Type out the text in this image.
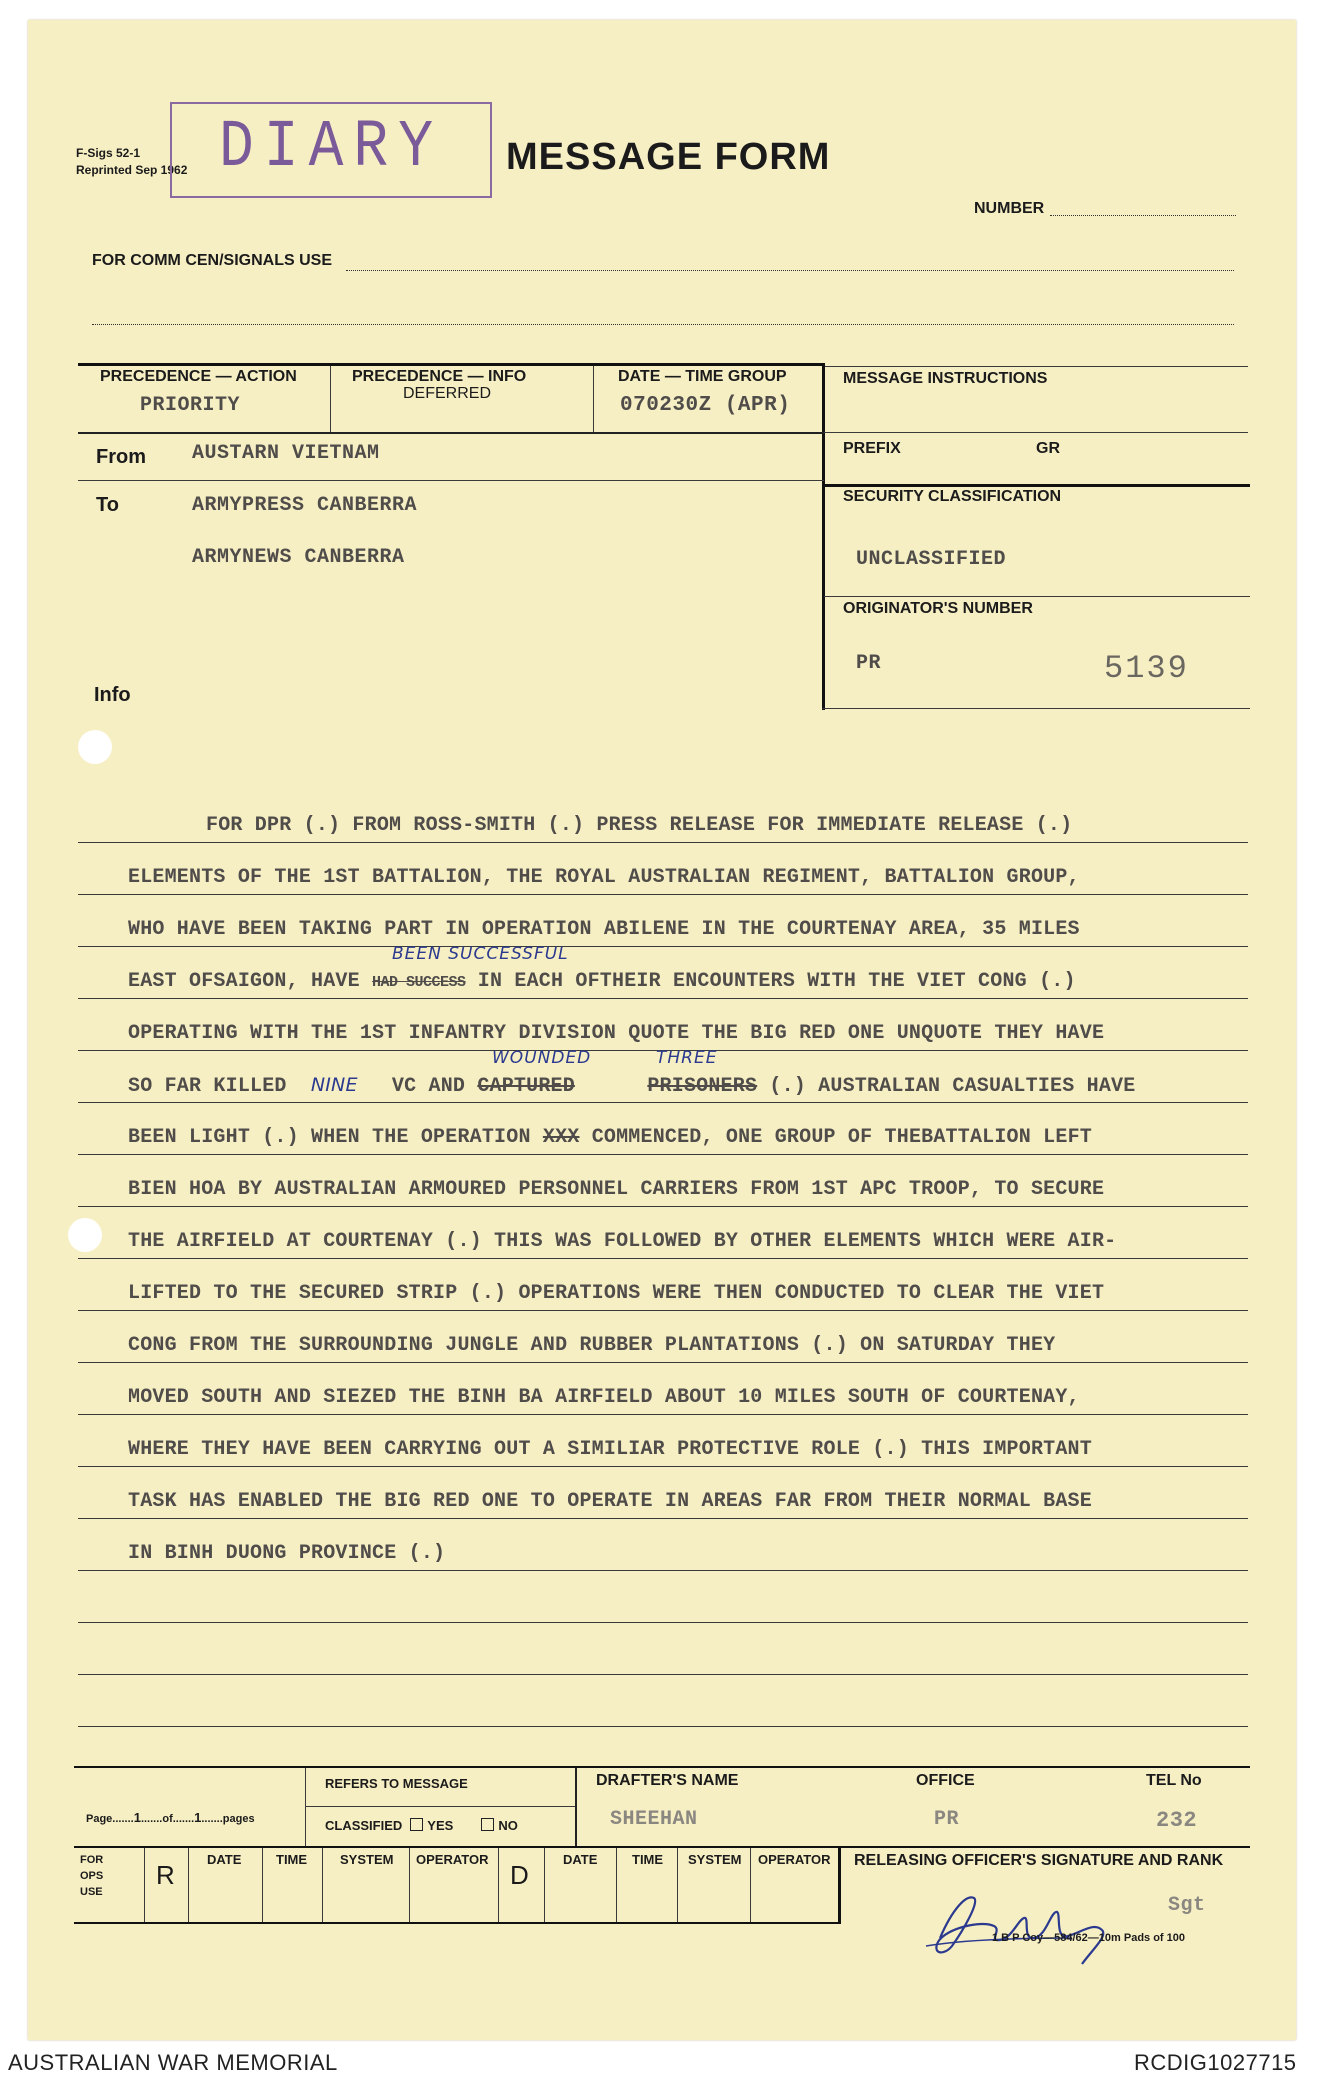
F-Sigs 52-1
Reprinted Sep 1962 DIARY	MESSAGE FORM
NUMBER
FOR COMM CEN/SIGNALS USE
PRECEDENCE — ACTION
PRIORITY
PRECEDENCE — INFO
DEFERRED
DATE — TIME GROUP
070230Z (APR)
MESSAGE INSTRUCTIONS
PREFIX	GR
From AUSTARN VIETNAM
To	ARMYPRESS CANBERRA
ARMYNEWS CANBERRA
Info
SECURITY CLASSIFICATION
UNCLASSIFIED
ORIGINATOR'S NUMBER
PR	5139
FOR DPR (.) FROM ROSS-SMITH (.) PRESS RELEASE FOR IMMEDIATE RELEASE (.)
ELEMENTS OF THE 1ST BATTALION, THE ROYAL AUSTRALIAN REGIMENT, BATTALION GROUP,
WHO HAVE BEEN TAKING PART IN OPERATION ABILENE IN THE COURTENAY AREA, 35 MILES
EAST OFSAIGON, HAVE HAD SUCCESS IN EACH OFTHEIR ENCOUNTERS WITH THE VIET CONG (.)
BEEN SUCCESSFUL
OPERATING WITH THE 1ST INFANTRY DIVISION QUOTE THE BIG RED ONE UNQUOTE THEY HAVE
SO FAR KILLED NINE VC AND CAPTURED	PRISONERS (.) AUSTRALIAN CASUALTIES HAVE
WOUNDED	THREE
BEEN LIGHT (.) WHEN THE OPERATION XXX COMMENCED, ONE GROUP OF THEBATTALION LEFT
BIEN HOA BY AUSTRALIAN ARMOURED PERSONNEL CARRIERS FROM 1ST APC TROOP, TO SECURE
THE AIRFIELD AT COURTENAY (.) THIS WAS FOLLOWED BY OTHER ELEMENTS WHICH WERE AIR-
LIFTED TO THE SECURED STRIP (.) OPERATIONS WERE THEN CONDUCTED TO CLEAR THE VIET
CONG FROM THE SURROUNDING JUNGLE AND RUBBER PLANTATIONS (.) ON SATURDAY THEY
MOVED SOUTH AND SIEZED THE BINH BA AIRFIELD ABOUT 10 MILES SOUTH OF COURTENAY,
WHERE THEY HAVE BEEN CARRYING OUT A SIMILIAR PROTECTIVE ROLE (.) THIS IMPORTANT
TASK HAS ENABLED THE BIG RED ONE TO OPERATE IN AREAS FAR FROM THEIR NORMAL BASE
IN BINH DUONG PROVINCE (.)
Page.......1.......of.......1.......pages
REFERS TO MESSAGE
CLASSIFIED YES	NO
DRAFTER'S NAME
SHEEHAN
OFFICE
PR
TEL No
232
FOR
OPS
USE
R
DATE	TIME	SYSTEM OPERATOR
D
DATE	TIME SYSTEM OPERATOR RELEASING OFFICER'S SIGNATURE AND RANK
Sgt
1 B P Coy—584/62—10m Pads of 100
AUSTRALIAN WAR MEMORIAL	RCDIG1027715
